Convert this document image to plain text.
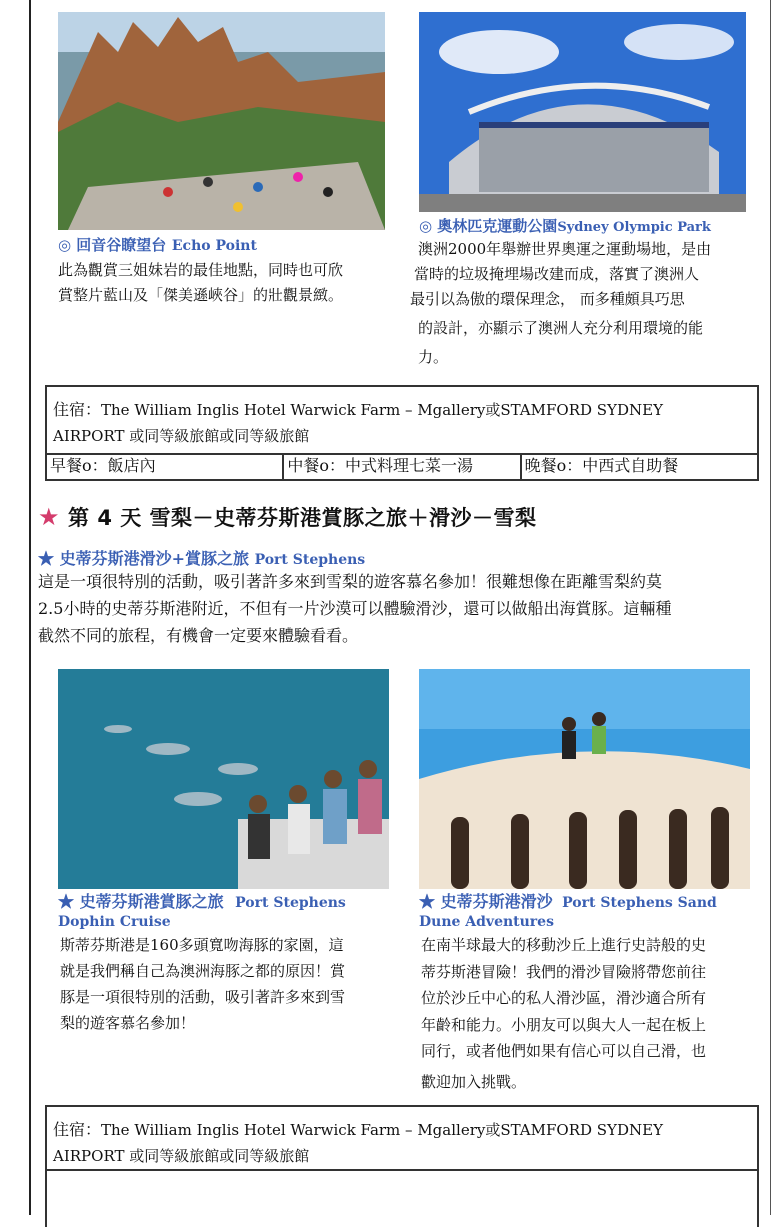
◎ 回音谷瞭望台 Echo Point
此為觀賞三姐妹岩的最佳地點，同時也可欣
賞整片藍山及「傑美遜峽谷」的壯觀景緻。
◎ 奧林匹克運動公園Sydney Olympic Park
澳洲2000年舉辦世界奧運之運動場地，是由
當時的垃圾掩埋場改建而成，落實了澳洲人
最引以為傲的環保理念， 而多種頗具巧思
的設計，亦顯示了澳洲人充分利用環境的能
力。
住宿：The William Inglis Hotel Warwick Farm – Mgallery或STAMFORD SYDNEY
AIRPORT 或同等級旅館或同等級旅館
早餐o：飯店內	中餐o：中式料理七菜一湯	晚餐o：中西式自助餐
★ 第 4 天 雪梨－史蒂芬斯港賞豚之旅＋滑沙－雪梨
★ 史蒂芬斯港滑沙+賞豚之旅 Port Stephens
這是一項很特別的活動，吸引著許多來到雪梨的遊客慕名參加！很難想像在距離雪梨約莫
2.5小時的史蒂芬斯港附近，不但有一片沙漠可以體驗滑沙，還可以做船出海賞豚。這輛種
截然不同的旅程，有機會一定要來體驗看看。
★ 史蒂芬斯港賞豚之旅 Port Stephens
Dophin Cruise
斯蒂芬斯港是160多頭寬吻海豚的家園，這
就是我們稱自己為澳洲海豚之都的原因！賞
豚是一項很特別的活動，吸引著許多來到雪
梨的遊客慕名參加！
★ 史蒂芬斯港滑沙 Port Stephens Sand
Dune Adventures
在南半球最大的移動沙丘上進行史詩般的史
蒂芬斯港冒險！我們的滑沙冒險將帶您前往
位於沙丘中心的私人滑沙區，滑沙適合所有
年齡和能力。小朋友可以與大人一起在板上
同行，或者他們如果有信心可以自己滑，也
歡迎加入挑戰。
住宿：The William Inglis Hotel Warwick Farm – Mgallery或STAMFORD SYDNEY
AIRPORT 或同等級旅館或同等級旅館
